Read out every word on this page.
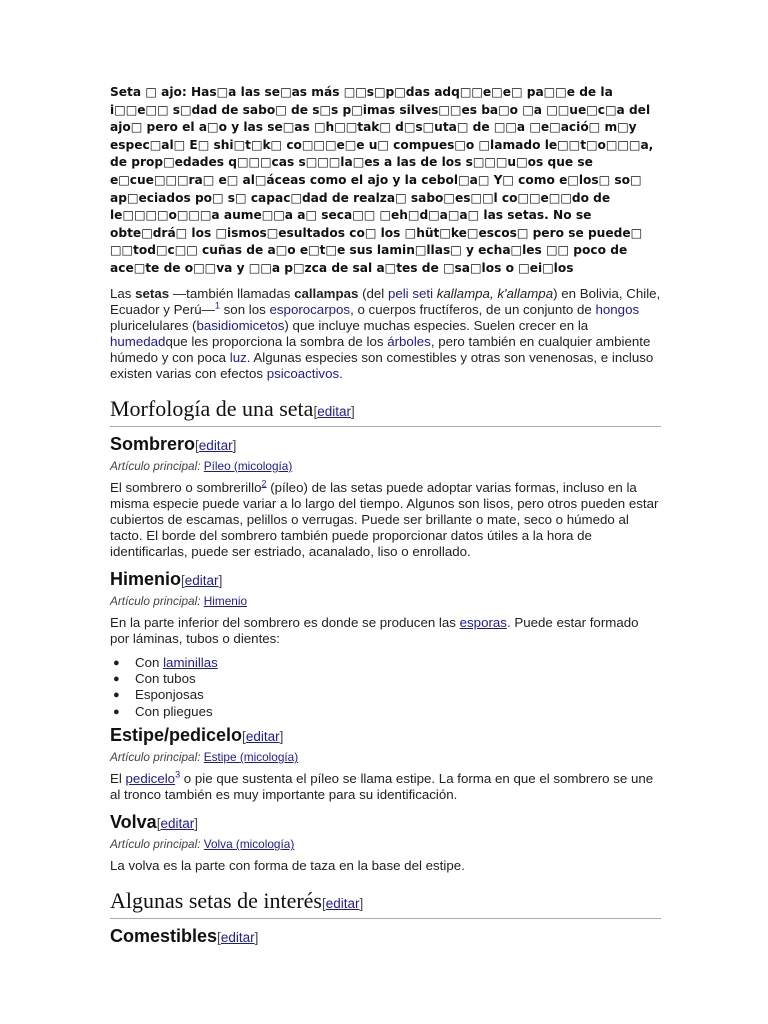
Seta □ ajo: Has□a las se□as más □□s□p□das adq□□e□e□ pa□□e de la i□□e□□ s□dad de sabo□ de s□s p□imas silves□□es ba□o □a □□ue□c□a del ajo□ pero el a□o y las se□as □h□□tak□ d□s□uta□ de □□a □e□ació□ m□y espec□al□ E□ shi□t□k□ co□□□e□e u□ compues□o □lamado le□□t□o□□□a, de prop□edades q□□□cas s□□□la□es a las de los s□□□u□os que se e□cue□□□ra□ e□ al□áceas como el ajo y la cebol□a□ Y□ como e□los□ so□ ap□eciados po□ s□ capac□dad de realza□ sabo□es□□l co□□e□□do de le□□□□o□□□a aume□□a a□ seca□□ □eh□d□a□a□ las setas. No se obte□drá□ los □ismos□esultados co□ los □hüt□ke□escos□ pero se puede□ □□tod□c□□ cuñas de a□o e□t□e sus lamin□llas□ y echa□les □□ poco de ace□te de o□□va y □□a p□zca de sal a□tes de □sa□los o □ei□los

Las setas —también llamadas callampas (del peli seti kallampa, k'allampa) en Bolivia, Chile, Ecuador y Perú—$^1$ son los esporocarpos, o cuerpos fructíferos, de un conjunto de hongos pluricelulares (basidiomicetos) que incluye muchas especies. Suelen crecer en la humedadque les proporciona la sombra de los árboles, pero también en cualquier ambiente húmedo y con poca luz. Algunas especies son comestibles y otras son venenosas, e incluso existen varias con efectos psicoactivos.

Morfología de una seta[editar]
Sombrero[editar]
Artículo principal: Píleo (micología)

El sombrero o sombrerillo$^2$ (píleo) de las setas puede adoptar varias formas, incluso en la misma especie puede variar a lo largo del tiempo. Algunos son lisos, pero otros pueden estar cubiertos de escamas, pelillos o verrugas. Puede ser brillante o mate, seco o húmedo al tacto. El borde del sombrero también puede proporcionar datos útiles a la hora de identificarlas, puede ser estriado, acanalado, liso o enrollado.

Himenio[editar]
Artículo principal: Himenio

En la parte inferior del sombrero es donde se producen las esporas. Puede estar formado por láminas, tubos o dientes:

● Con laminillas
● Con tubos
● Esponjosas
● Con pliegues
Estipe/pedicelo[editar]
Artículo principal: Estipe (micología)

El pedicelo$^3$ o pie que sustenta el píleo se llama estipe. La forma en que el sombrero se une al tronco también es muy importante para su identificación.

Volva[editar]
Artículo principal: Volva (micología)

La volva es la parte con forma de taza en la base del estipe.

Algunas setas de interés[editar]
Comestibles[editar]
